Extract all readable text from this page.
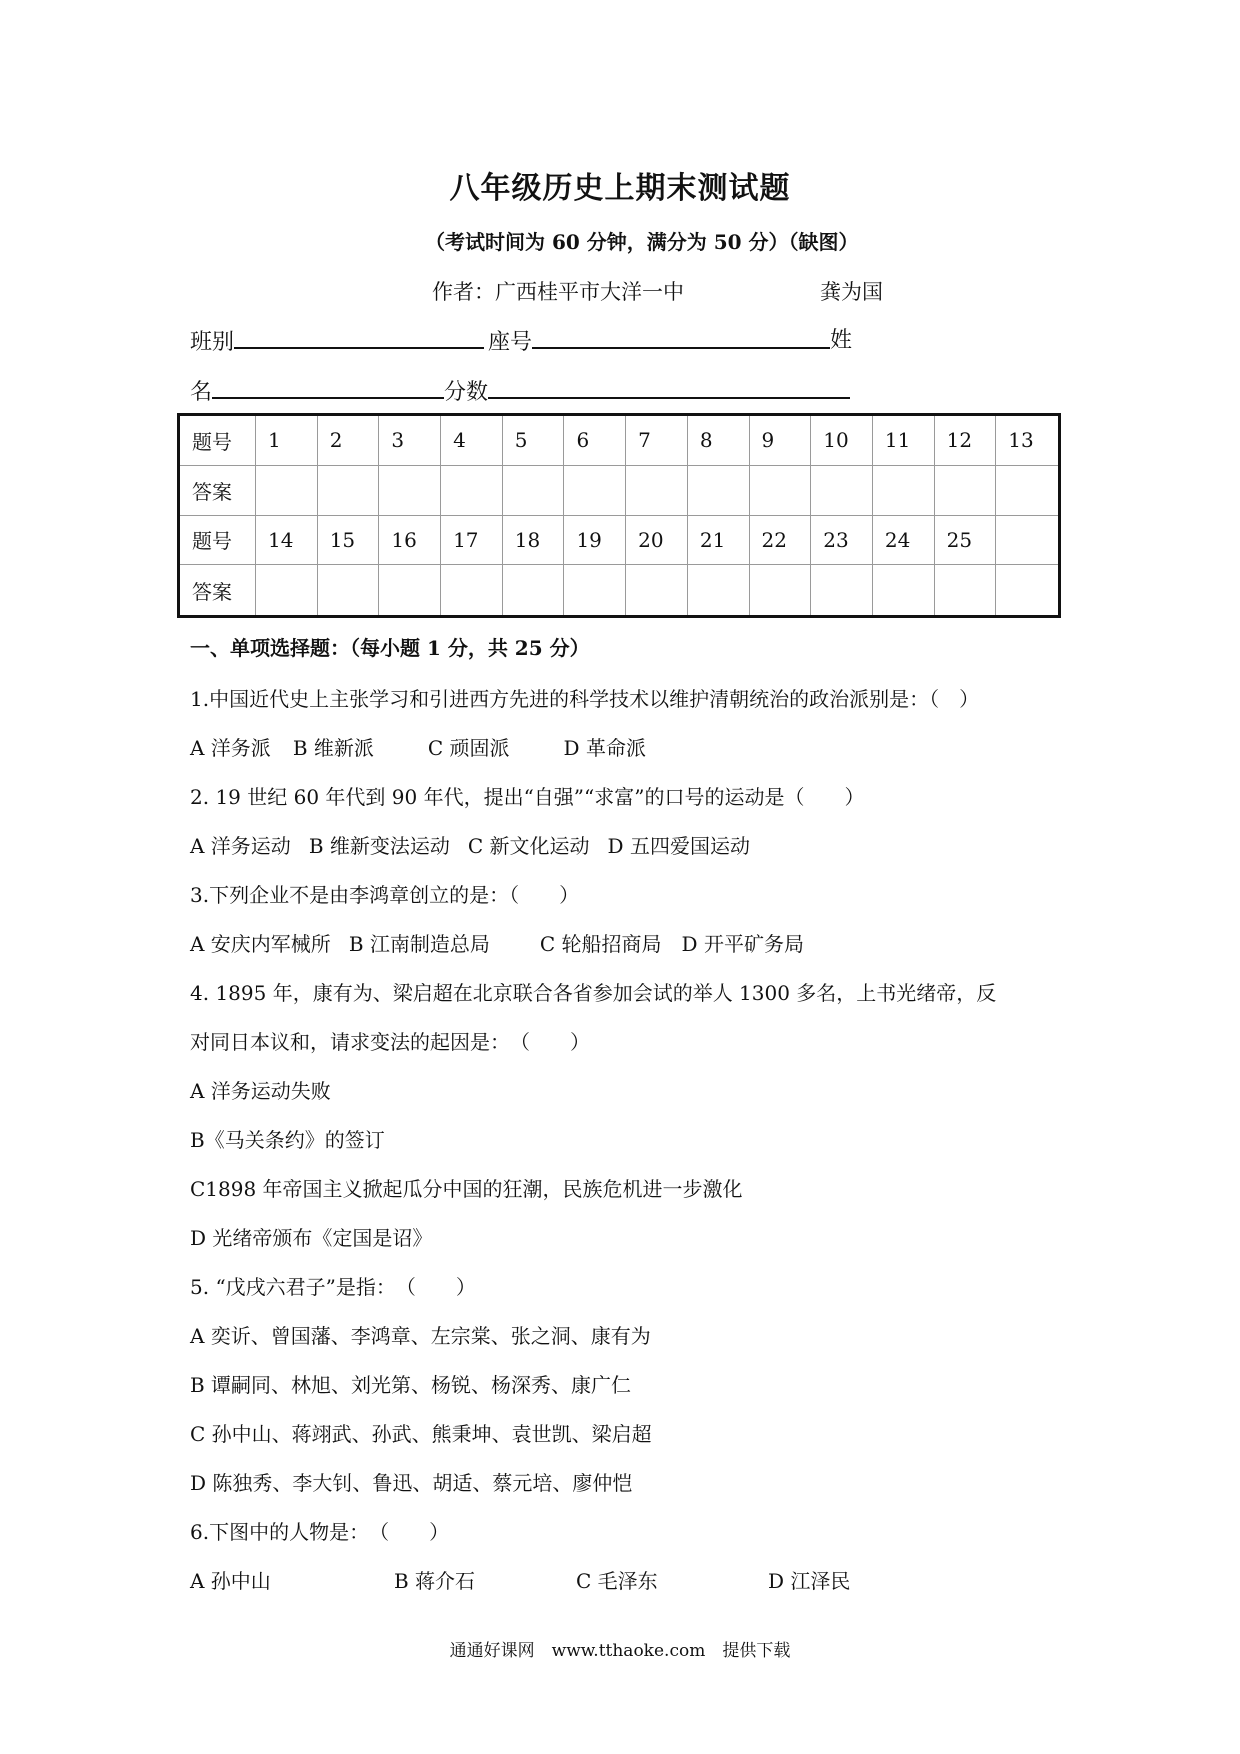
八年级历史上期末测试题
（考试时间为 60 分钟，满分为 50 分）（缺图）
作者：广西桂平市大洋一中	龚为国
班别	座号	姓
名	分数
题号	1	2	3	4	5	6	7	8	9	10	11	12	13
答案
题号	14	15	16	17	18	19	20	21	22	23	24	25
答案
一、单项选择题：（每小题 1 分，共 25 分）
1.中国近代史上主张学习和引进西方先进的科学技术以维护清朝统治的政治派别是：（　）
A 洋务派 B 维新派	C 顽固派	D 革命派
2. 19 世纪 60 年代到 90 年代，提出“自强”“求富”的口号的运动是（　　）
A 洋务运动 B 维新变法运动 C 新文化运动 D 五四爱国运动
3.下列企业不是由李鸿章创立的是：（　　）
A 安庆内军械所 B 江南制造总局	C 轮船招商局 D 开平矿务局
4. 1895 年，康有为、梁启超在北京联合各省参加会试的举人 1300 多名，上书光绪帝，反
对同日本议和，请求变法的起因是：　（　　）
A 洋务运动失败
B《马关条约》的签订
C1898 年帝国主义掀起瓜分中国的狂潮，民族危机进一步激化
D 光绪帝颁布《定国是诏》
5. “戊戌六君子”是指：　（　　）
A 奕䜣、曾国藩、李鸿章、左宗棠、张之洞、康有为
B 谭嗣同、林旭、刘光第、杨锐、杨深秀、康广仁
C 孙中山、蒋翊武、孙武、熊秉坤、袁世凯、梁启超
D 陈独秀、李大钊、鲁迅、胡适、蔡元培、廖仲恺
6.下图中的人物是：　（　　）
A 孙中山	B 蒋介石	C 毛泽东	D 江泽民
通通好课网　www.tthaoke.com　提供下载
